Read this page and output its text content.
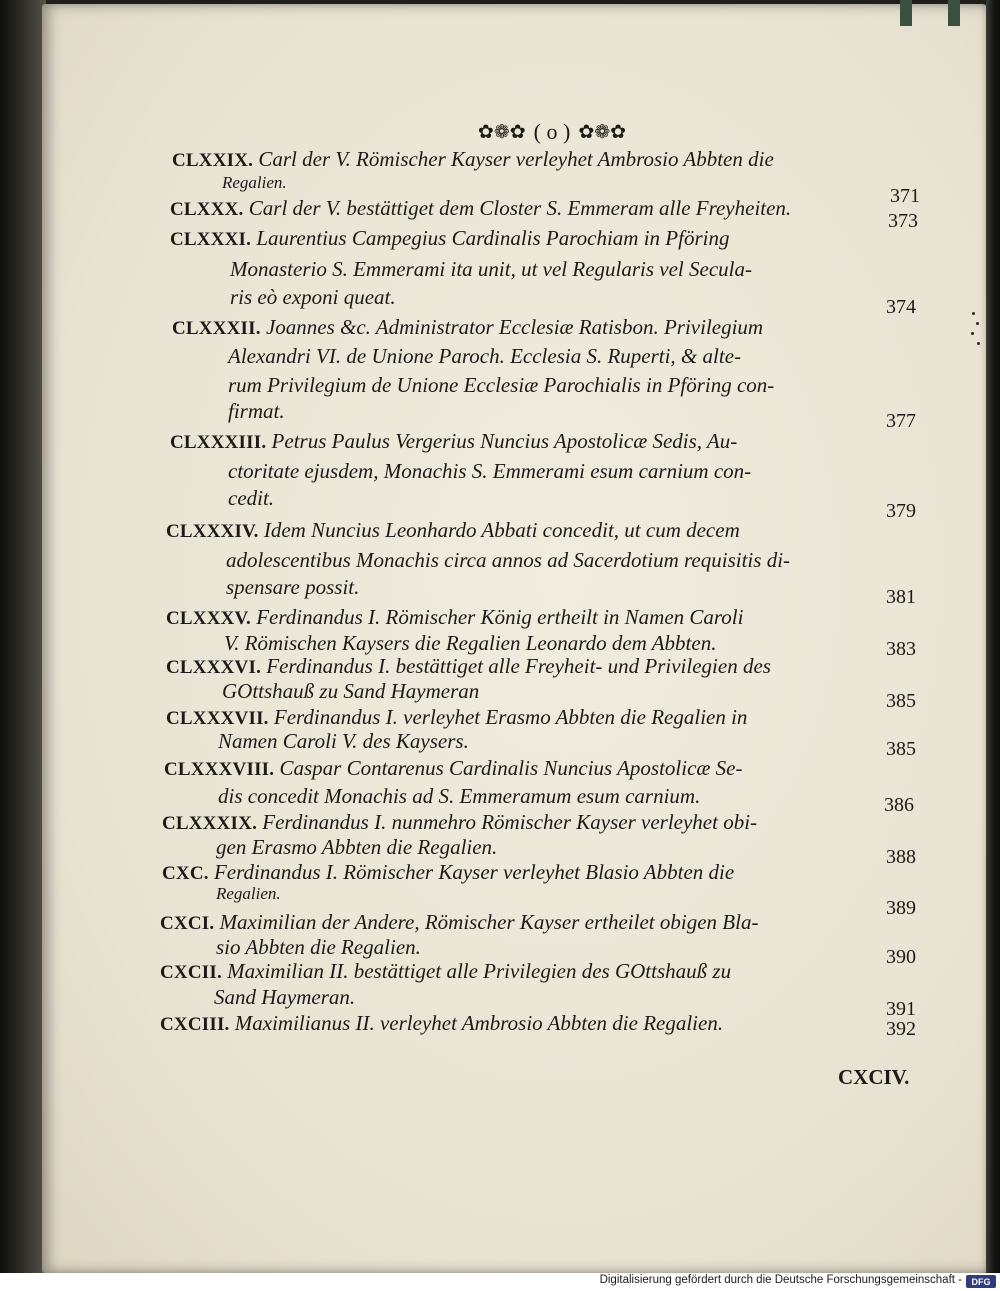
✿❁✿ ( o ) ✿❁✿
CLXXIX. Carl der V. Römischer Kayser verleyhet Ambrosio Abbten die
Regalien.
CLXXX. Carl der V. bestättiget dem Closter S. Emmeram alle Freyheiten.
CLXXXI. Laurentius Campegius Cardinalis Parochiam in Pföring
Monasterio S. Emmerami ita unit, ut vel Regularis vel Secula-
ris eò exponi queat.
CLXXXII. Joannes &c. Administrator Ecclesiæ Ratisbon. Privilegium
Alexandri VI. de Unione Paroch. Ecclesia S. Ruperti, & alte-
rum Privilegium de Unione Ecclesiæ Parochialis in Pföring con-
firmat.
CLXXXIII. Petrus Paulus Vergerius Nuncius Apostolicæ Sedis, Au-
ctoritate ejusdem, Monachis S. Emmerami esum carnium con-
cedit.
CLXXXIV. Idem Nuncius Leonhardo Abbati concedit, ut cum decem
adolescentibus Monachis circa annos ad Sacerdotium requisitis di-
spensare possit.
CLXXXV. Ferdinandus I. Römischer König ertheilt in Namen Caroli
V. Römischen Kaysers die Regalien Leonardo dem Abbten.
CLXXXVI. Ferdinandus I. bestättiget alle Freyheit- und Privilegien des
GOttshauß zu Sand Haymeran
CLXXXVII. Ferdinandus I. verleyhet Erasmo Abbten die Regalien in
Namen Caroli V. des Kaysers.
CLXXXVIII. Caspar Contarenus Cardinalis Nuncius Apostolicæ Se-
dis concedit Monachis ad S. Emmeramum esum carnium.
CLXXXIX. Ferdinandus I. nunmehro Römischer Kayser verleyhet obi-
gen Erasmo Abbten die Regalien.
CXC. Ferdinandus I. Römischer Kayser verleyhet Blasio Abbten die
Regalien.
CXCI. Maximilian der Andere, Römischer Kayser ertheilet obigen Bla-
sio Abbten die Regalien.
CXCII. Maximilian II. bestättiget alle Privilegien des GOttshauß zu
Sand Haymeran.
CXCIII. Maximilianus II. verleyhet Ambrosio Abbten die Regalien.
371
373
374
377
379
381
383
385
385
386
388
389
390
391
392
CXCIV.
Digitalisierung gefördert durch die Deutsche Forschungsgemeinschaft -	DFG
